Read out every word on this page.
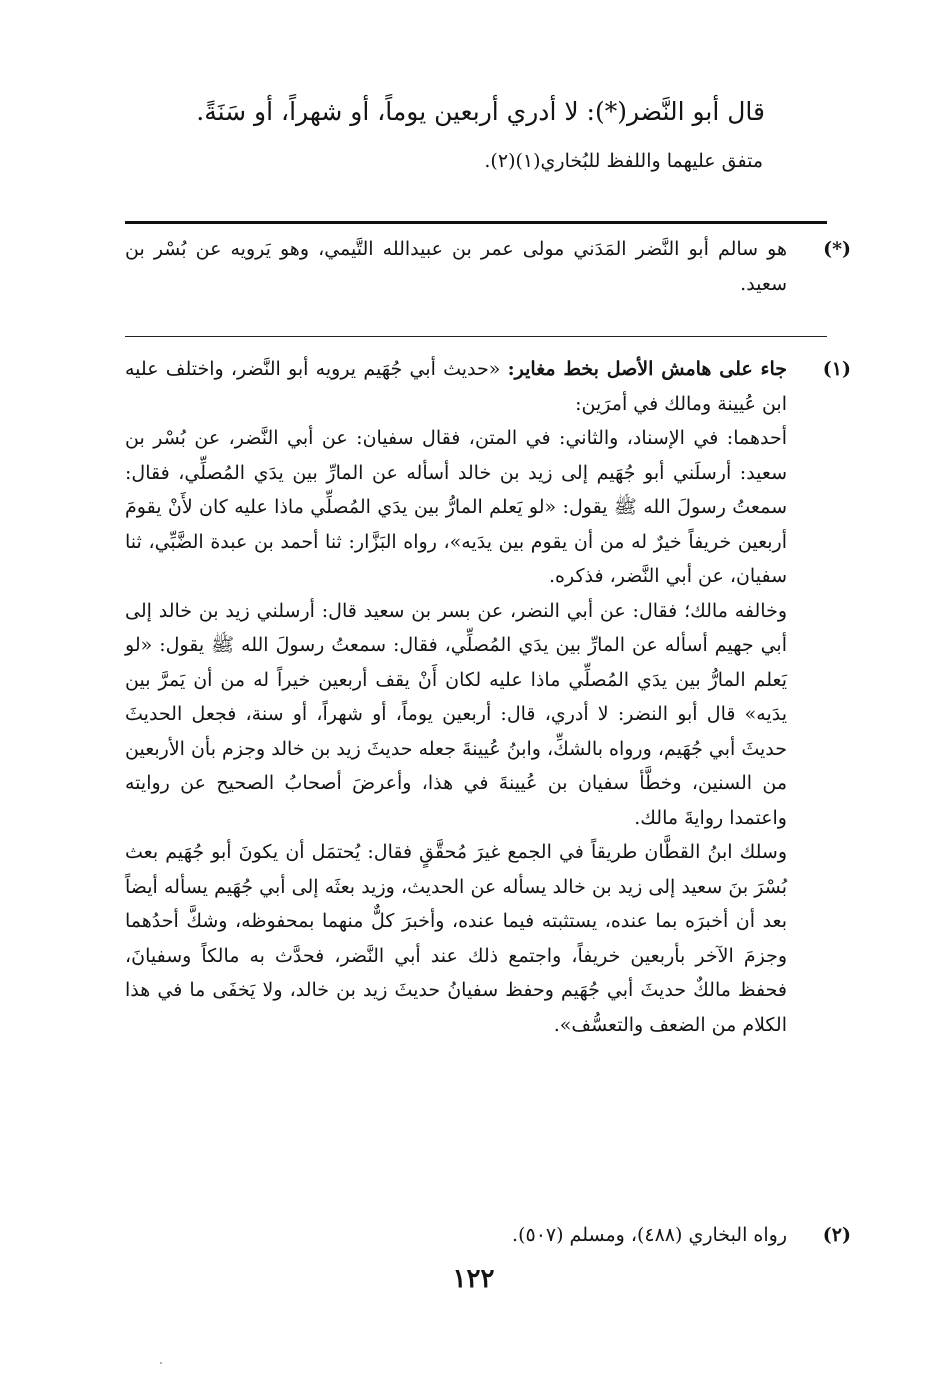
قال أبو النَّضر(*): لا أدري أربعين يوماً، أو شهراً، أو سَنَةً.
متفق عليهما واللفظ للبُخاري(١)(٢).
(*)

هو سالم أبو النَّضر المَدَني مولى عمر بن عبيدالله التَّيمي، وهو يَرويه عن بُسْر بن سعيد.

(١)

جاء على هامش الأصل بخط مغاير: «حديث أبي جُهَيم يرويه أبو النَّضر، واختلف عليه ابن عُيينة ومالك في أمرَين:

أحدهما: في الإسناد، والثاني: في المتن، فقال سفيان: عن أبي النَّضر، عن بُسْر بن سعيد: أرسلَني أبو جُهَيم إلى زيد بن خالد أسأله عن المارِّ بين يدَي المُصلِّي، فقال: سمعتُ رسولَ الله ﷺ يقول: «لو يَعلم المارُّ بين يدَي المُصلِّي ماذا عليه كان لأَنْ يقومَ أربعين خريفاً خيرٌ له من أن يقوم بين يدَيه»، رواه البَزَّار: ثنا أحمد بن عبدة الضَّبِّي، ثنا سفيان، عن أبي النَّضر، فذكره.

وخالفه مالك؛ فقال: عن أبي النضر، عن بسر بن سعيد قال: أرسلني زيد بن خالد إلى أبي جهيم أسأله عن المارِّ بين يدَي المُصلِّي، فقال: سمعتُ رسولَ الله ﷺ يقول: «لو يَعلم المارُّ بين يدَي المُصلِّي ماذا عليه لكان أَنْ يقف أربعين خيراً له من أن يَمرَّ بين يدَيه» قال أبو النضر: لا أدري، قال: أربعين يوماً، أو شهراً، أو سنة، فجعل الحديثَ حديثَ أبي جُهَيم، ورواه بالشكِّ، وابنُ عُيينةَ جعله حديثَ زيد بن خالد وجزم بأن الأربعين من السنين، وخطَّأ سفيان بن عُيينةَ في هذا، وأعرضَ أصحابُ الصحيح عن روايته واعتمدا روايةَ مالك.

وسلك ابنُ القطَّان طريقاً في الجمع غيرَ مُحقَّقٍ فقال: يُحتمَل أن يكونَ أبو جُهَيم بعث بُسْرَ بنَ سعيد إلى زيد بن خالد يسأله عن الحديث، وزيد بعثَه إلى أبي جُهَيم يسأله أيضاً بعد أن أخبرَه بما عنده، يستثبته فيما عنده، وأخبرَ كلٌّ منهما بمحفوظه، وشكَّ أحدُهما وجزمَ الآخر بأربعين خريفاً، واجتمع ذلك عند أبي النَّضر، فحدَّث به مالكاً وسفيانَ، فحفظ مالكٌ حديثَ أبي جُهَيم وحفظ سفيانُ حديثَ زيد بن خالد، ولا يَخفَى ما في هذا الكلام من الضعف والتعسُّف».

(٢)

رواه البخاري (٤٨٨)، ومسلم (٥٠٧).

١٢٢
